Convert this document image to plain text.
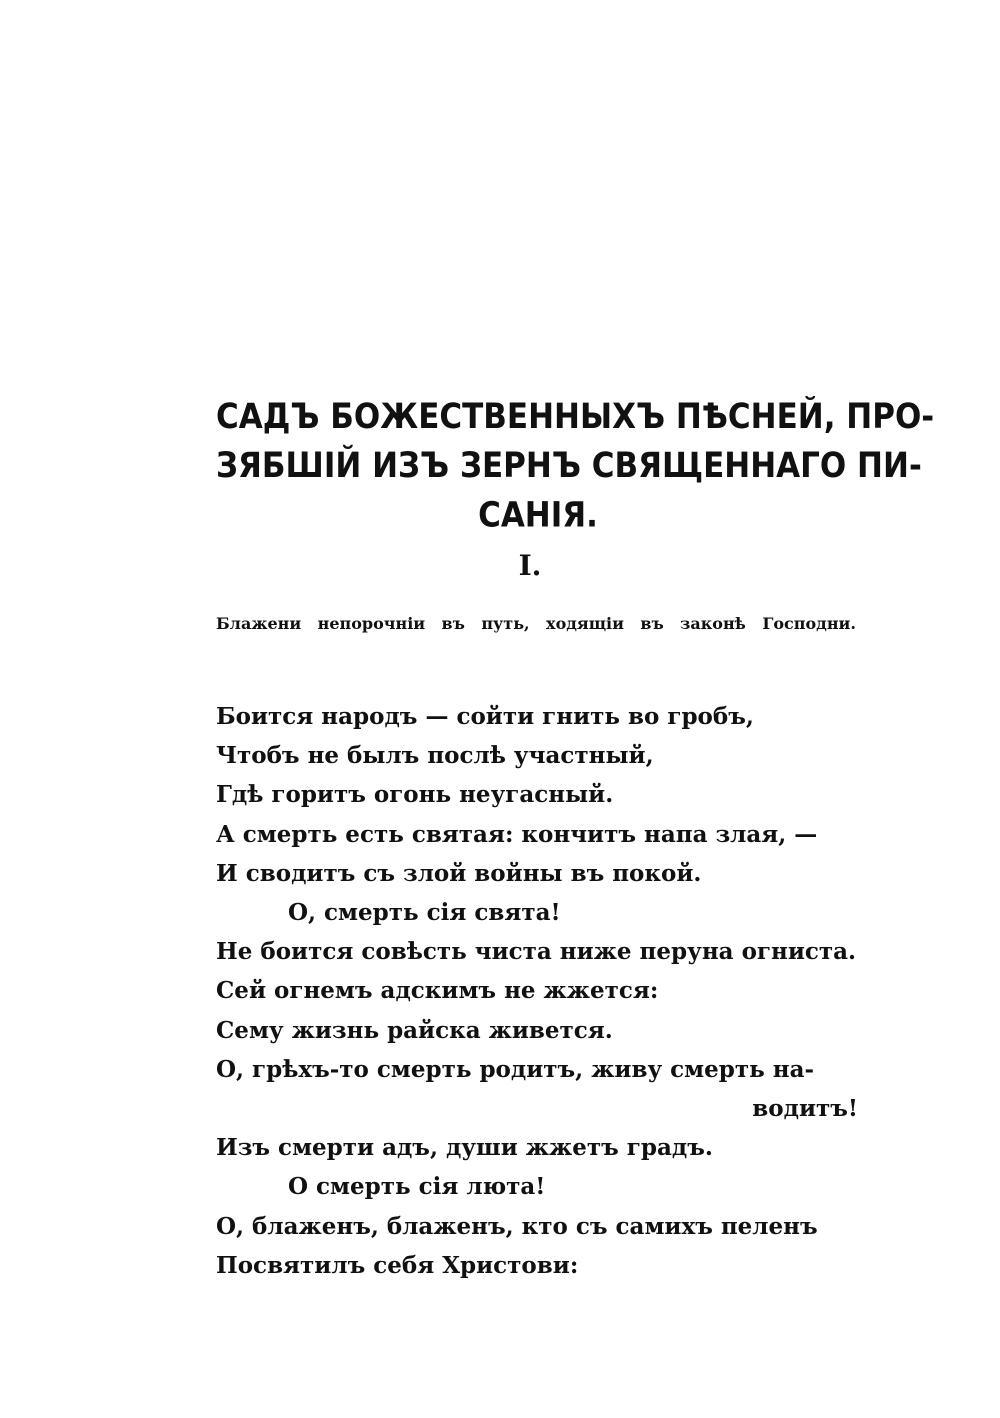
САДЪ БОЖЕСТВЕННЫХЪ ПѢСНЕЙ, ПРО-
ЗЯБШІЙ ИЗЪ ЗЕРНЪ СВЯЩЕННАГО ПИ-
САНІЯ.
I.
Блажени непорочніи въ путь, ходящіи въ законѣ Господни.
Боится народъ — сойти гнить во гробъ,
Чтобъ не былъ послѣ участный,
Гдѣ горитъ огонь неугасный.
А смерть есть святая: кончитъ напа злая, —
И сводитъ съ злой войны въ покой.
О, смерть сія свята!
Не боится совѣсть чиста ниже перуна огниста.
Сей огнемъ адскимъ не жжется:
Сему жизнь райска живется.
О, грѣхъ-то смерть родитъ, живу смерть на-
водитъ!
Изъ смерти адъ, души жжетъ градъ.
О смерть сія люта!
О, блаженъ, блаженъ, кто съ самихъ пеленъ
Посвятилъ себя Христови:
